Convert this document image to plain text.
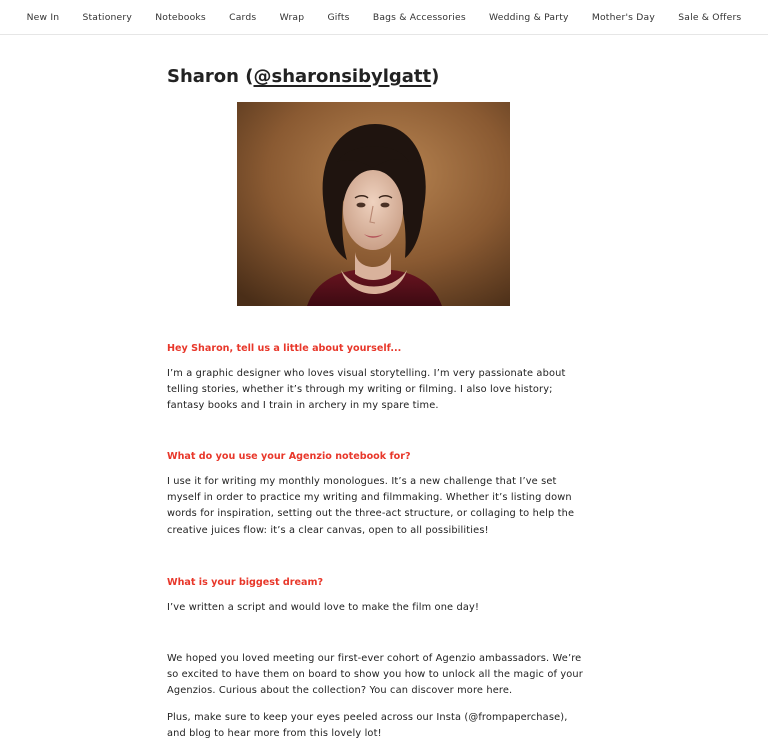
New In	Stationery	Notebooks	Cards	Wrap	Gifts	Bags & Accessories	Wedding & Party	Mother's Day	Sale & Offers
Sharon (@sharonsibylgatt)
Hey Sharon, tell us a little about yourself...

I’m a graphic designer who loves visual storytelling. I’m very passionate about telling stories, whether it’s through my writing or filming. I also love history; fantasy books and I train in archery in my spare time.

What do you use your Agenzio notebook for?

I use it for writing my monthly monologues. It’s a new challenge that I’ve set myself in order to practice my writing and filmmaking. Whether it’s listing down words for inspiration, setting out the three-act structure, or collaging to help the creative juices flow: it’s a clear canvas, open to all possibilities!

What is your biggest dream?

I’ve written a script and would love to make the film one day!

We hoped you loved meeting our first-ever cohort of Agenzio ambassadors. We’re so excited to have them on board to show you how to unlock all the magic of your Agenzios. Curious about the collection? You can discover more here.

Plus, make sure to keep your eyes peeled across our Insta (@frompaperchase), and blog to hear more from this lovely lot!
